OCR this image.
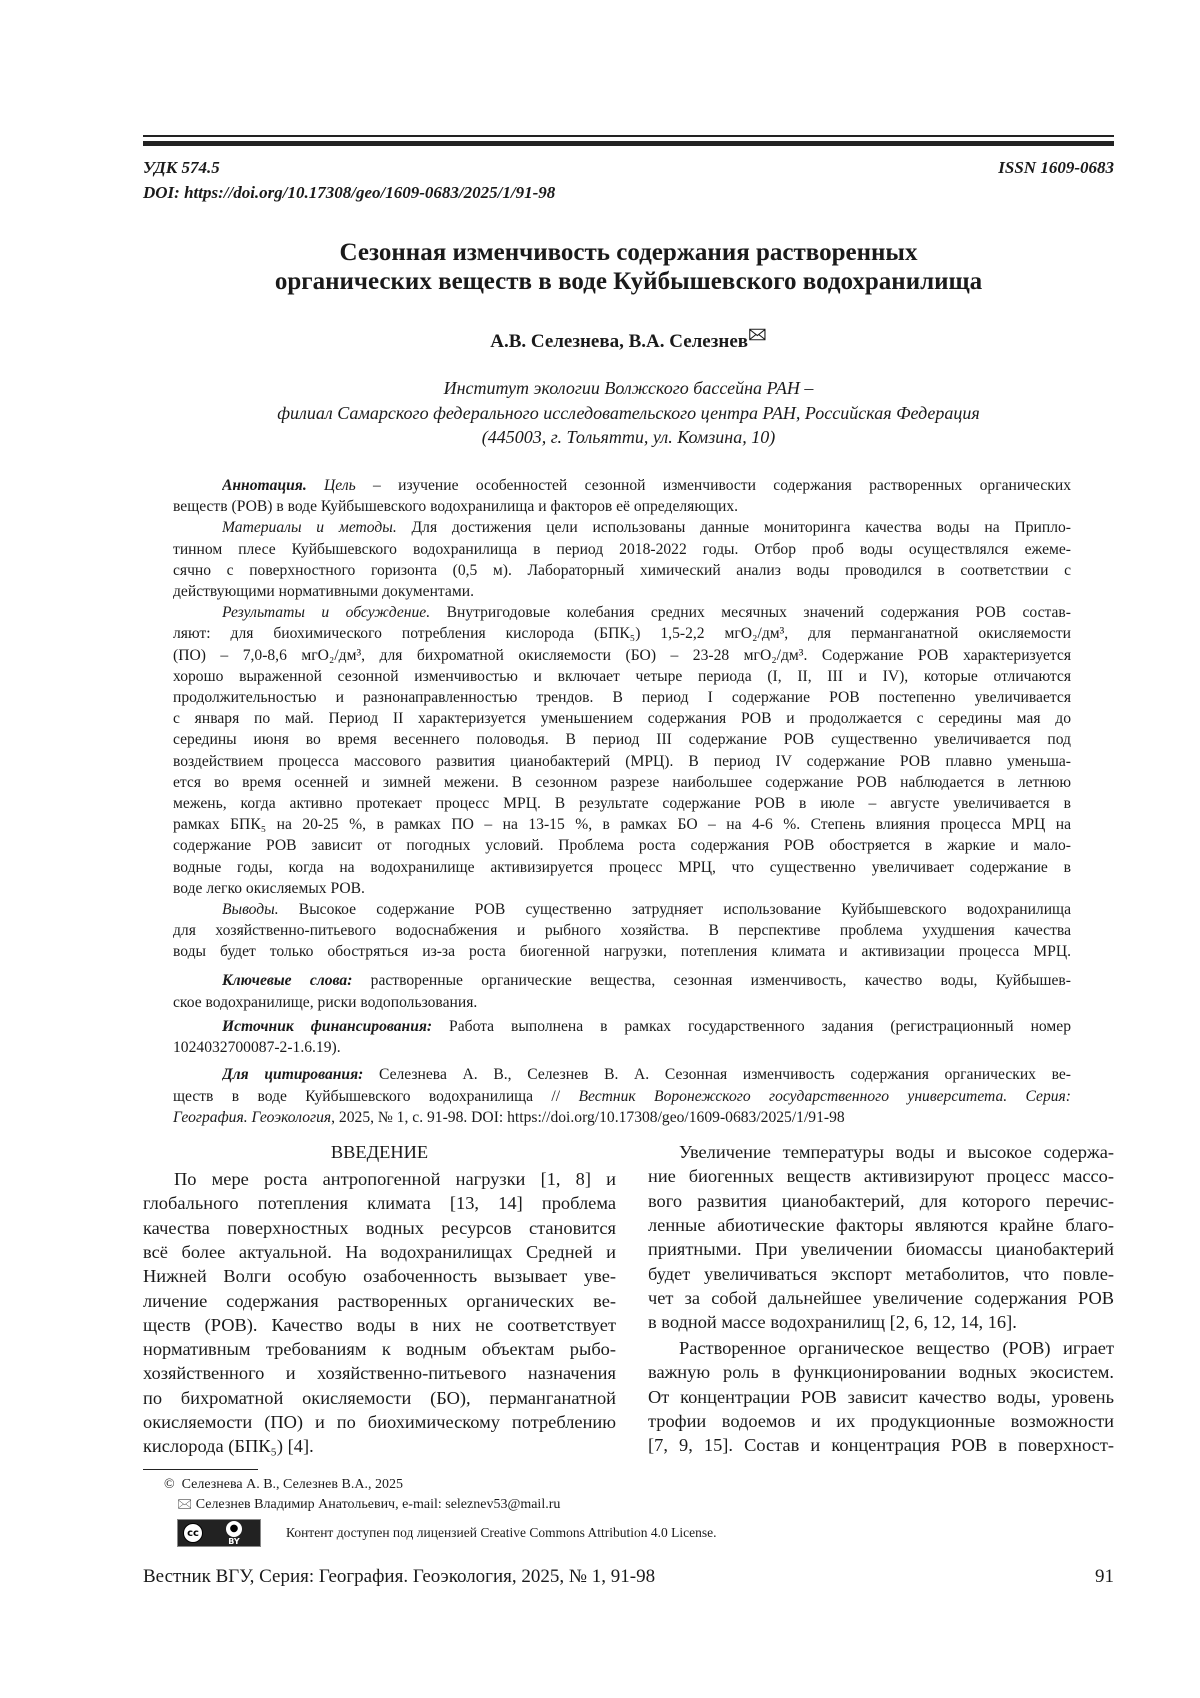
УДК 574.5	ISSN 1609-0683
DOI: https://doi.org/10.17308/geo/1609-0683/2025/1/91-98
Сезонная изменчивость содержания растворенных
органических веществ в воде Куйбышевского водохранилища
А.В. Селезнева, В.А. Селезнев🖂
Институт экологии Волжского бассейна РАН –
филиал Самарского федерального исследовательского центра РАН, Российская Федерация
(445003, г. Тольятти, ул. Комзина, 10)
Аннотация. Цель – изучение особенностей сезонной изменчивости содержания растворенных органических
веществ (РОВ) в воде Куйбышевского водохранилища и факторов её определяющих.
Материалы и методы. Для достижения цели использованы данные мониторинга качества воды на Приплo-
тинном плесе Куйбышевского водохранилища в период 2018-2022 годы. Отбор проб воды осуществлялся ежеме-
сячно с поверхностного горизонта (0,5 м). Лабораторный химический анализ воды проводился в соответствии с
действующими нормативными документами.
Результаты и обсуждение. Внутригодовые колебания средних месячных значений содержания РОВ состав-
ляют: для биохимического потребления кислорода (БПК₅) 1,5-2,2 мгO₂/дм³, для перманганатной окисляемости
(ПО) – 7,0-8,6 мгO₂/дм³, для бихроматной окисляемости (БО) – 23-28 мгO₂/дм³. Содержание РОВ характеризуется
хорошо выраженной сезонной изменчивостью и включает четыре периода (I, II, III и IV), которые отличаются
продолжительностью и разнонаправленностью трендов. В период I содержание РОВ постепенно увеличивается
с января по май. Период II характеризуется уменьшением содержания РОВ и продолжается с середины мая до
середины июня во время весеннего половодья. В период III содержание РОВ существенно увеличивается под
воздействием процесса массового развития цианобактерий (МРЦ). В период IV содержание РОВ плавно уменьша-
ется во время осенней и зимней межени. В сезонном разрезе наибольшее содержание РОВ наблюдается в летнюю
межень, когда активно протекает процесс МРЦ. В результате содержание РОВ в июле – августе увеличивается в
рамках БПК₅ на 20-25 %, в рамках ПО – на 13-15 %, в рамках БО – на 4-6 %. Степень влияния процесса МРЦ на
содержание РОВ зависит от погодных условий. Проблема роста содержания РОВ обостряется в жаркие и мало-
водные годы, когда на водохранилище активизируется процесс МРЦ, что существенно увеличивает содержание в
воде легко окисляемых РОВ.
Выводы. Высокое содержание РОВ существенно затрудняет использование Куйбышевского водохранилища
для хозяйственно-питьевого водоснабжения и рыбного хозяйства. В перспективе проблема ухудшения качества
воды будет только обостряться из-за роста биогенной нагрузки, потепления климата и активизации процесса МРЦ.
Ключевые слова: растворенные органические вещества, сезонная изменчивость, качество воды, Куйбышев-
ское водохранилище, риски водопользования.
Источник финансирования: Работа выполнена в рамках государственного задания (регистрационный номер
1024032700087-2-1.6.19).
Для цитирования: Селезнева А. В., Селезнев В. А. Сезонная изменчивость содержания органических ве-
ществ в воде Куйбышевского водохранилища // Вестник Воронежского государственного университета. Серия:
География. Геоэкология, 2025, № 1, с. 91-98. DOI: https://doi.org/10.17308/geo/1609-0683/2025/1/91-98
ВВЕДЕНИЕ
По мере роста антропогенной нагрузки [1, 8] и
глобального потепления климата [13, 14] проблема
качества поверхностных водных ресурсов становится
всё более актуальной. На водохранилищах Средней и
Нижней Волги особую озабоченность вызывает уве-
личение содержания растворенных органических ве-
ществ (РОВ). Качество воды в них не соответствует
нормативным требованиям к водным объектам рыбо-
хозяйственного и хозяйственно-питьевого назначения
по бихроматной окисляемости (БО), перманганатной
окисляемости (ПО) и по биохимическому потреблению
кислорода (БПК₅) [4].
Увеличение температуры воды и высокое содержа-
ние биогенных веществ активизируют процесс массо-
вого развития цианобактерий, для которого перечис-
ленные абиотические факторы являются крайне благо-
приятными. При увеличении биомассы цианобактерий
будет увеличиваться экспорт метаболитов, что повле-
чет за собой дальнейшее увеличение содержания РОВ
в водной массе водохранилищ [2, 6, 12, 14, 16].
Растворенное органическое вещество (РОВ) играет
важную роль в функционировании водных экосистем.
От концентрации РОВ зависит качество воды, уровень
трофии водоемов и их продукционные возможности
[7, 9, 15]. Состав и концентрация РОВ в поверхност-
© Селезнева А. В., Селезнев В.А., 2025
🖂 Селезнев Владимир Анатольевич, e-mail: seleznev53@mail.ru
cc	●
BY
Контент доступен под лицензией Creative Commons Attribution 4.0 License.
Вестник ВГУ, Серия: География. Геоэкология, 2025, № 1, 91-98	91
